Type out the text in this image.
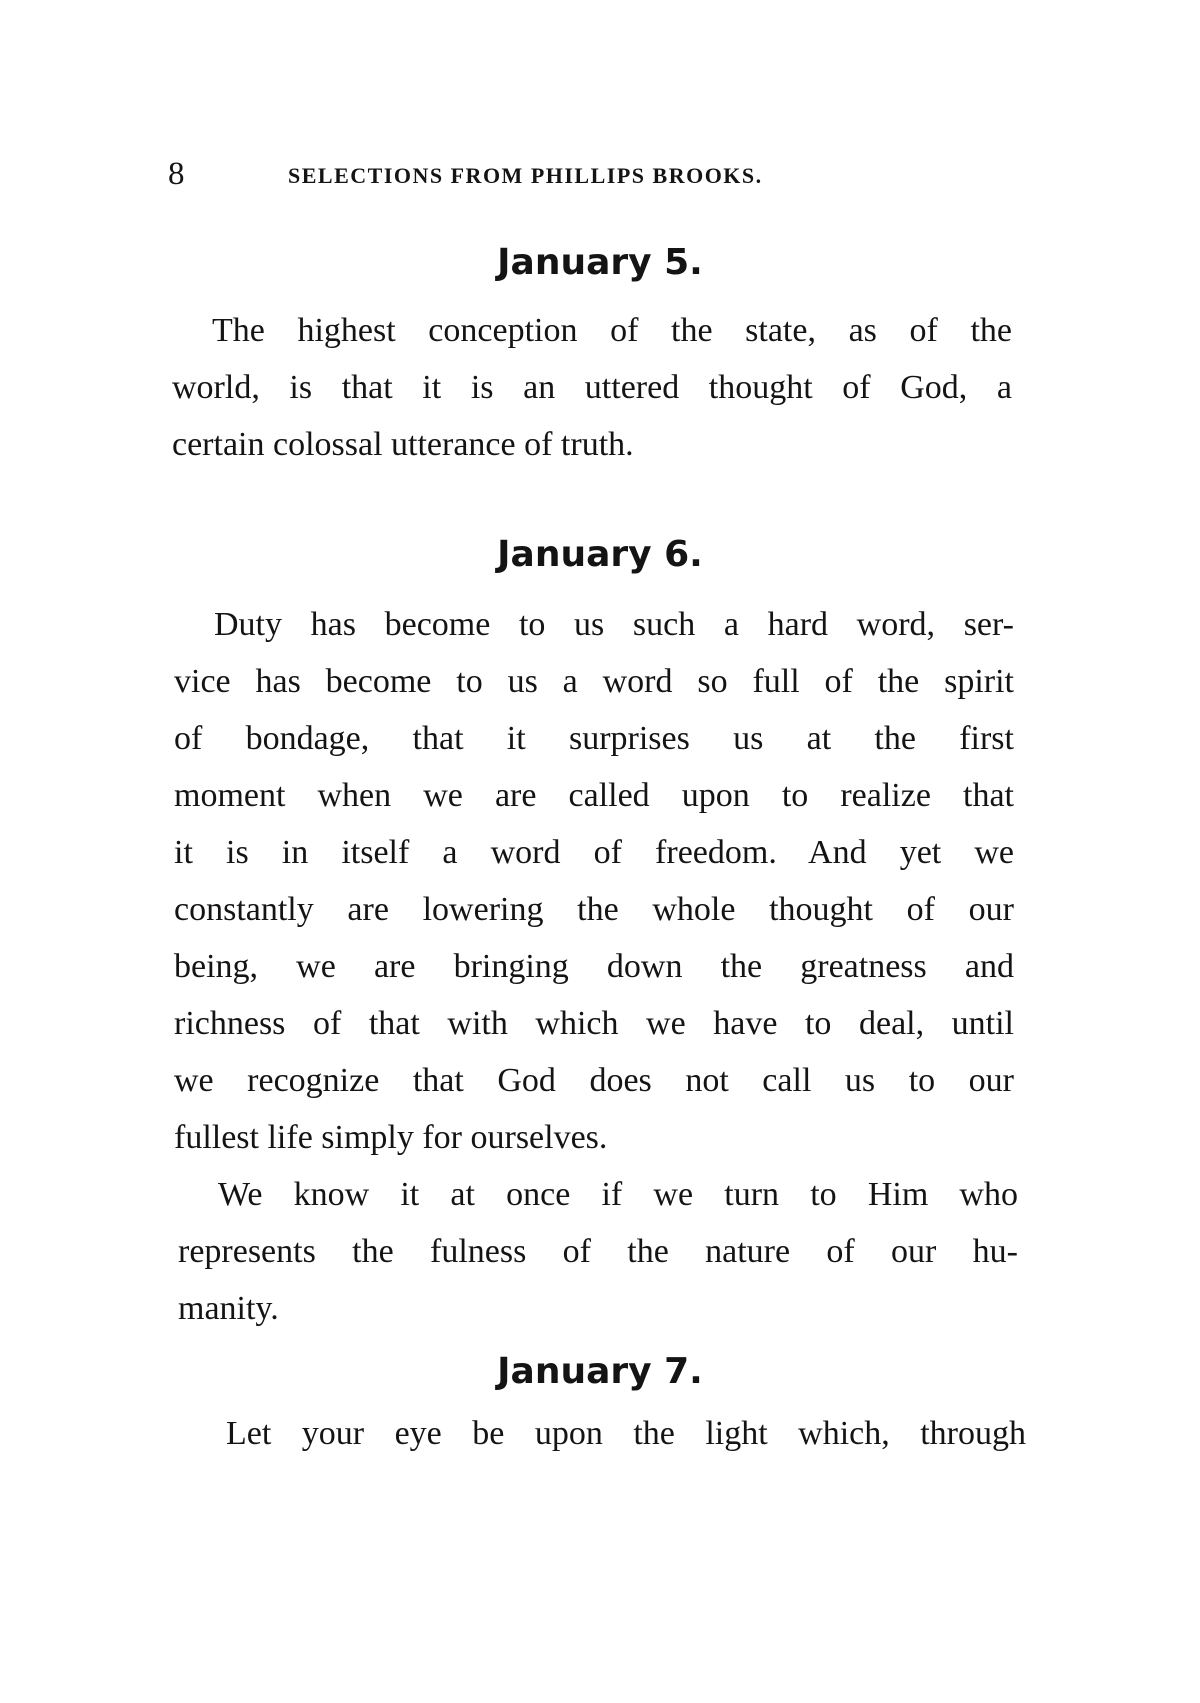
8	SELECTIONS FROM PHILLIPS BROOKS.
January 5.
The highest conception of the state, as of the
world, is that it is an uttered thought of God, a
certain colossal utterance of truth.
January 6.
Duty has become to us such a hard word, ser-
vice has become to us a word so full of the spirit
of bondage, that it surprises us at the first
moment when we are called upon to realize that
it is in itself a word of freedom. And yet we
constantly are lowering the whole thought of our
being, we are bringing down the greatness and
richness of that with which we have to deal, until
we recognize that God does not call us to our
fullest life simply for ourselves.
We know it at once if we turn to Him who
represents the fulness of the nature of our hu-
manity.
January 7.
Let your eye be upon the light which, through
